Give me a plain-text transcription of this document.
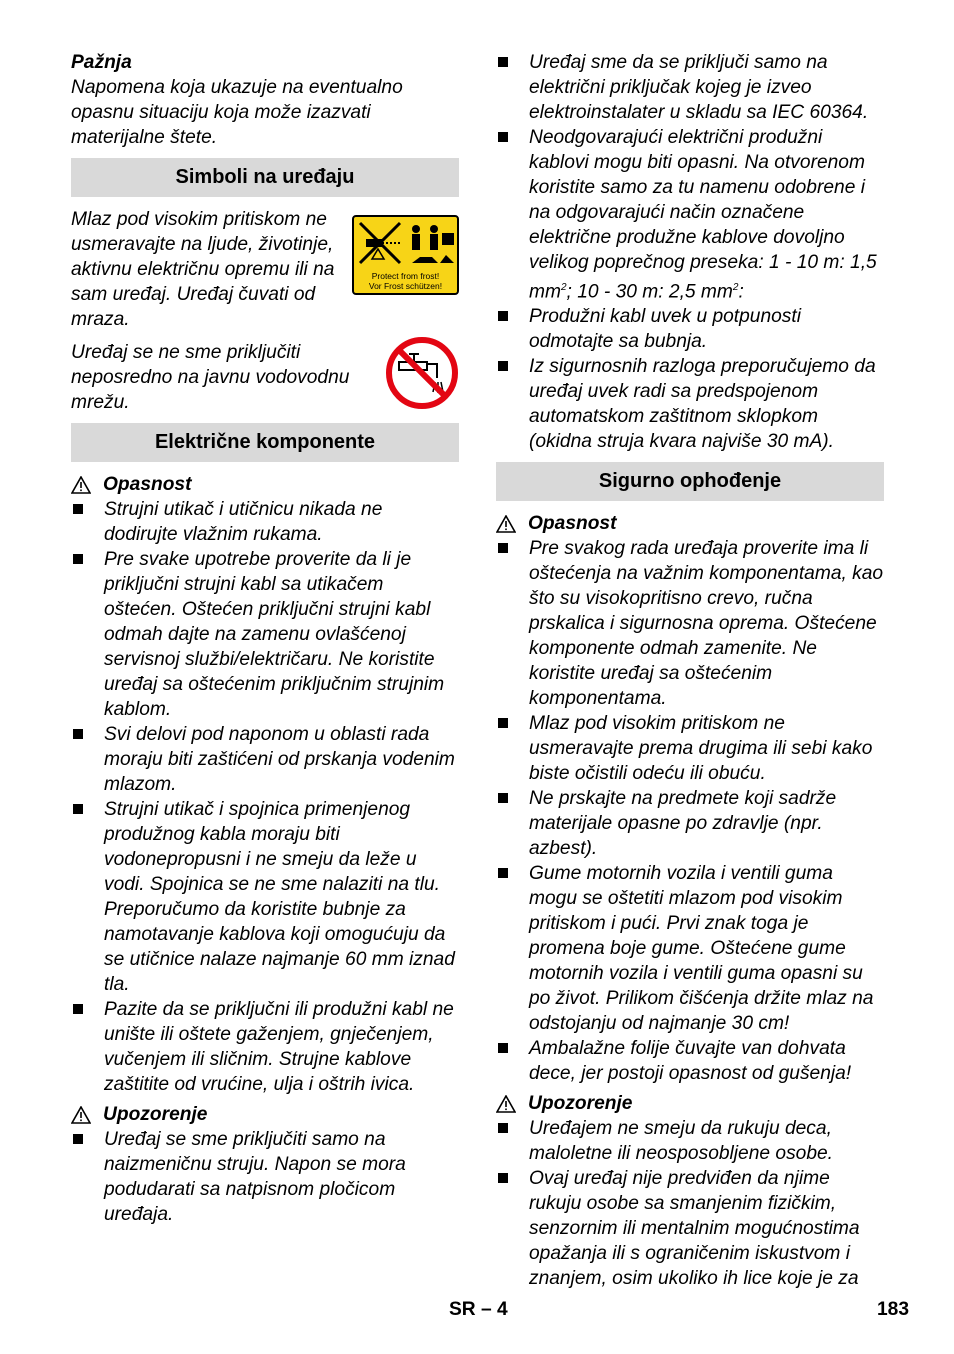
Pažnja

Napomena koja ukazuje na eventualno opasnu situaciju koja može izazvati materijalne štete.

Simboli na uređaju

Mlaz pod visokim pritiskom ne usmeravajte na ljude, životinje, aktivnu električnu opremu ili na sam uređaj. Uređaj čuvati od mraza.

Protect from frost!
Vor Frost schützen!

Uređaj se ne sme priključiti neposredno na javnu vodovodnu mrežu.

Električne komponente
Opasnost
Strujni utikač i utičnicu nikada ne dodirujte vlažnim rukama.
Pre svake upotrebe proverite da li je priključni strujni kabl sa utikačem oštećen. Oštećen priključni strujni kabl odmah dajte na zamenu ovlašćenoj servisnoj službi/električaru. Ne koristite uređaj sa oštećenim priključnim strujnim kablom.
Svi delovi pod naponom u oblasti rada moraju biti zaštićeni od prskanja vodenim mlazom.
Strujni utikač i spojnica primenjenog produžnog kabla moraju biti vodonepropusni i ne smeju da leže u vodi. Spojnica se ne sme nalaziti na tlu. Preporučumo da koristite bubnje za namotavanje kablova koji omogućuju da se utičnice nalaze najmanje 60 mm iznad tla.
Pazite da se priključni ili produžni kabl ne unište ili oštete gaženjem, gnječenjem, vučenjem ili sličnim. Strujne kablove zaštitite od vrućine, ulja i oštrih ivica.
Upozorenje
Uređaj se sme priključiti samo na naizmeničnu struju. Napon se mora podudarati sa natpisnom pločicom uređaja.
Uređaj sme da se priključi samo na električni priključak kojeg je izveo elektroinstalater u skladu sa IEC 60364.
Neodgovarajući električni produžni kablovi mogu biti opasni. Na otvorenom koristite samo za tu namenu odobrene i na odgovarajući način označene električne produžne kablove dovoljno velikog poprečnog preseka: 1 - 10 m: 1,5 $mm^2$; 10 - 30 m: 2,5 $mm^2$:
Produžni kabl uvek u potpunosti odmotajte sa bubnja.
Iz sigurnosnih razloga preporučujemo da uređaj uvek radi sa predspojenom automatskom zaštitnom sklopkom (okidna struja kvara najviše 30 mA).
Sigurno ophođenje
Opasnost
Pre svakog rada uređaja proverite ima li oštećenja na važnim komponentama, kao što su visokopritisno crevo, ručna prskalica i sigurnosna oprema. Oštećene komponente odmah zamenite. Ne koristite uređaj sa oštećenim komponentama.
Mlaz pod visokim pritiskom ne usmeravajte prema drugima ili sebi kako biste očistili odeću ili obuću.
Ne prskajte na predmete koji sadrže materijale opasne po zdravlje (npr. azbest).
Gume motornih vozila i ventili guma mogu se oštetiti mlazom pod visokim pritiskom i pući. Prvi znak toga je promena boje gume. Oštećene gume motornih vozila i ventili guma opasni su po život. Prilikom čišćenja držite mlaz na odstojanju od najmanje 30 cm!
Ambalažne folije čuvajte van dohvata dece, jer postoji opasnost od gušenja!
Upozorenje
Uređajem ne smeju da rukuju deca, maloletne ili neosposobljene osobe.
Ovaj uređaj nije predviđen da njime rukuju osobe sa smanjenim fizičkim, senzornim ili mentalnim mogućnostima opažanja ili s ograničenim iskustvom i znanjem, osim ukoliko ih lice koje je za
SR – 4	183
